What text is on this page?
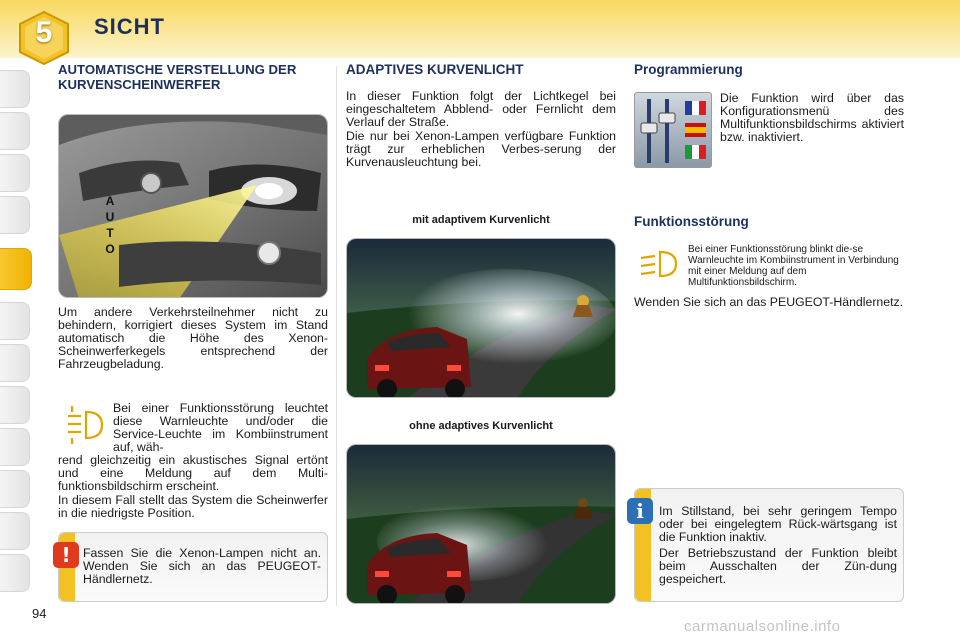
5	SICHT
AUTOMATISCHE VERSTELLUNG DER KURVENSCHEINWERFER
AUTO
Um andere Verkehrsteilnehmer nicht zu behindern, korrigiert dieses System im Stand automatisch die Höhe des Xenon-Scheinwerferkegels entsprechend der Fahrzeugbeladung.
Bei einer Funktionsstörung leuchtet diese Warnleuchte und/oder die Service-Leuchte im Kombiinstrument auf, wäh-
rend gleichzeitig ein akustisches Signal ertönt und eine Meldung auf dem Multi-funktionsbildschirm erscheint.
In diesem Fall stellt das System die Scheinwerfer in die niedrigste Position.
Fassen Sie die Xenon-Lampen nicht an. Wenden Sie sich an das PEUGEOT-Händlernetz.
!
ADAPTIVES KURVENLICHT
In dieser Funktion folgt der Lichtkegel bei eingeschaltetem Abblend- oder Fernlicht dem Verlauf der Straße.
Die nur bei Xenon-Lampen verfügbare Funktion trägt zur erheblichen Verbes-serung der Kurvenausleuchtung bei.
mit adaptivem Kurvenlicht
ohne adaptives Kurvenlicht
Programmierung
Die Funktion wird über das Konfigurationsmenü des Multifunktionsbildschirms aktiviert bzw. inaktiviert.
Funktionsstörung
Bei einer Funktionsstörung blinkt die-se Warnleuchte im Kombiinstrument in Verbindung mit einer Meldung auf dem Multifunktionsbildschirm.
Wenden Sie sich an das PEUGEOT-Händlernetz.
Im Stillstand, bei sehr geringem Tempo oder bei eingelegtem Rück-wärtsgang ist die Funktion inaktiv.
Der Betriebszustand der Funktion bleibt beim Ausschalten der Zün-dung gespeichert.
i
94
carmanualsonline.info
